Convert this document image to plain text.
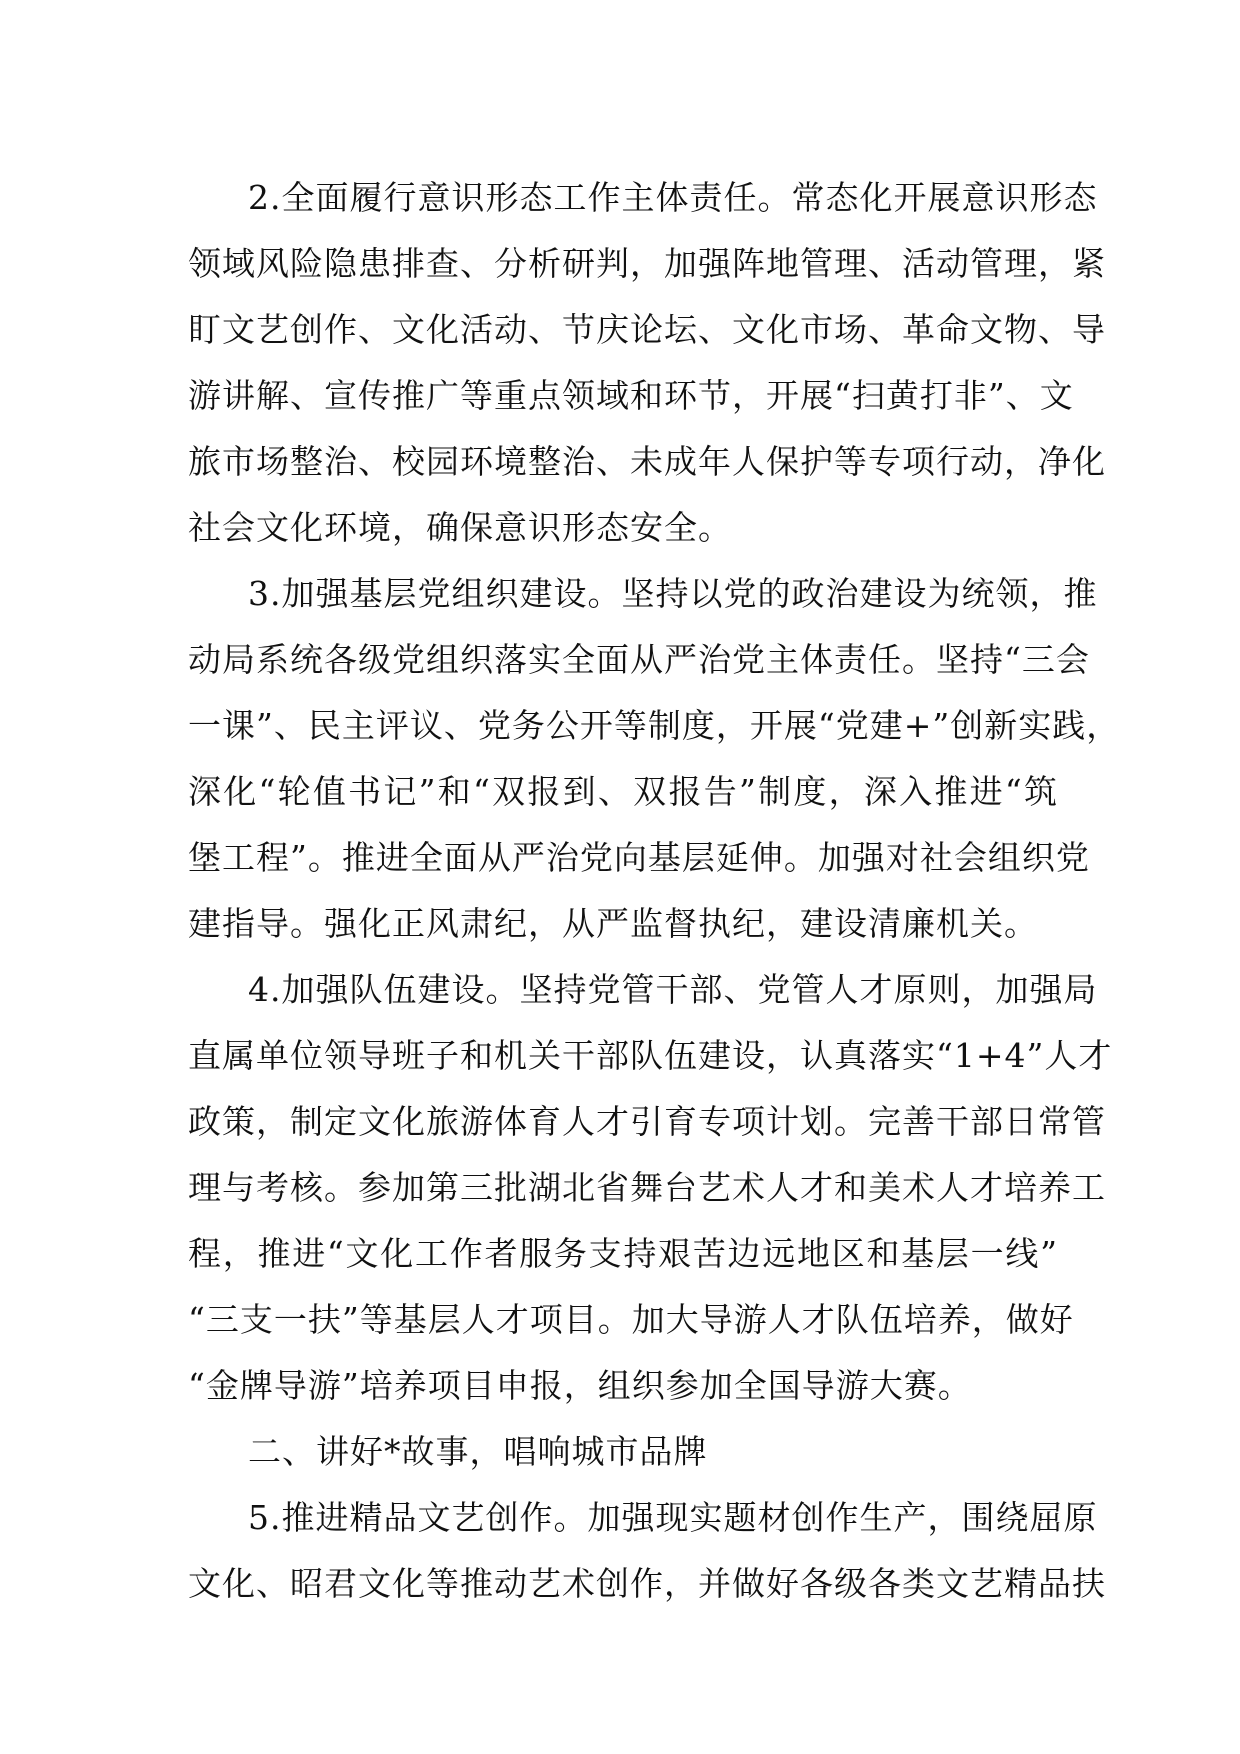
2.全面履行意识形态工作主体责任。常态化开展意识形态
领域风险隐患排查、分析研判，加强阵地管理、活动管理，紧
盯文艺创作、文化活动、节庆论坛、文化市场、革命文物、导
游讲解、宣传推广等重点领域和环节，开展“扫黄打非”、文
旅市场整治、校园环境整治、未成年人保护等专项行动，净化
社会文化环境，确保意识形态安全。
3.加强基层党组织建设。坚持以党的政治建设为统领，推
动局系统各级党组织落实全面从严治党主体责任。坚持“三会
一课”、民主评议、党务公开等制度，开展“党建+”创新实践，
深化“轮值书记”和“双报到、双报告”制度，深入推进“筑
堡工程”。推进全面从严治党向基层延伸。加强对社会组织党
建指导。强化正风肃纪，从严监督执纪，建设清廉机关。
4.加强队伍建设。坚持党管干部、党管人才原则，加强局
直属单位领导班子和机关干部队伍建设，认真落实“1+4”人才
政策，制定文化旅游体育人才引育专项计划。完善干部日常管
理与考核。参加第三批湖北省舞台艺术人才和美术人才培养工
程，推进“文化工作者服务支持艰苦边远地区和基层一线”
“三支一扶”等基层人才项目。加大导游人才队伍培养，做好
“金牌导游”培养项目申报，组织参加全国导游大赛。
二、讲好*故事，唱响城市品牌
5.推进精品文艺创作。加强现实题材创作生产，围绕屈原
文化、昭君文化等推动艺术创作，并做好各级各类文艺精品扶
